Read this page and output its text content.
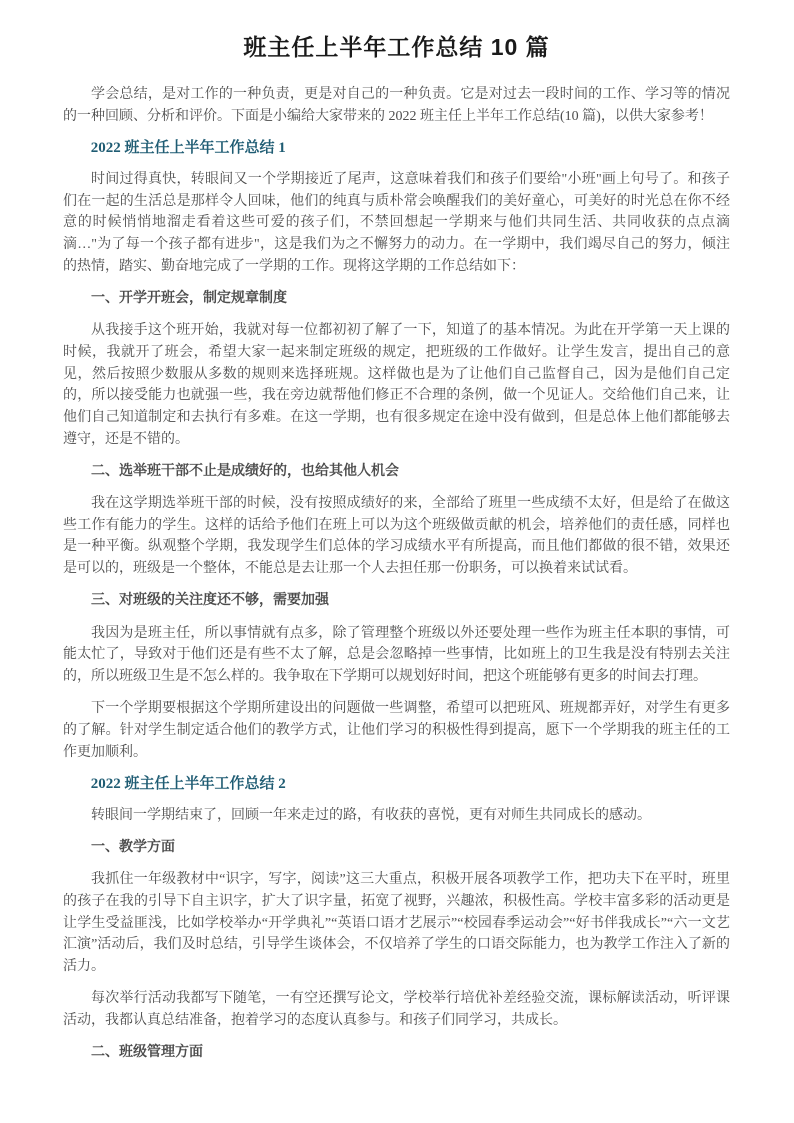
班主任上半年工作总结 10 篇

学会总结，是对工作的一种负责，更是对自己的一种负责。它是对过去一段时间的工作、学习等的情况的一种回顾、分析和评价。下面是小编给大家带来的 2022 班主任上半年工作总结(10 篇)，以供大家参考！

2022 班主任上半年工作总结 1

时间过得真快，转眼间又一个学期接近了尾声，这意味着我们和孩子们要给"小班"画上句号了。和孩子们在一起的生活总是那样令人回味，他们的纯真与质朴常会唤醒我们的美好童心，可美好的时光总在你不经意的时候悄悄地溜走看着这些可爱的孩子们，不禁回想起一学期来与他们共同生活、共同收获的点点滴滴…"为了每一个孩子都有进步"，这是我们为之不懈努力的动力。在一学期中，我们竭尽自己的努力，倾注的热情，踏实、勤奋地完成了一学期的工作。现将这学期的工作总结如下：

一、开学开班会，制定规章制度

从我接手这个班开始，我就对每一位都初初了解了一下，知道了的基本情况。为此在开学第一天上课的时候，我就开了班会，希望大家一起来制定班级的规定，把班级的工作做好。让学生发言，提出自己的意见，然后按照少数服从多数的规则来选择班规。这样做也是为了让他们自己监督自己，因为是他们自己定的，所以接受能力也就强一些，我在旁边就帮他们修正不合理的条例，做一个见证人。交给他们自己来，让他们自己知道制定和去执行有多难。在这一学期，也有很多规定在途中没有做到，但是总体上他们都能够去遵守，还是不错的。

二、选举班干部不止是成绩好的，也给其他人机会

我在这学期选举班干部的时候，没有按照成绩好的来，全部给了班里一些成绩不太好，但是给了在做这些工作有能力的学生。这样的话给予他们在班上可以为这个班级做贡献的机会，培养他们的责任感，同样也是一种平衡。纵观整个学期，我发现学生们总体的学习成绩水平有所提高，而且他们都做的很不错，效果还是可以的，班级是一个整体，不能总是去让那一个人去担任那一份职务，可以换着来试试看。

三、对班级的关注度还不够，需要加强

我因为是班主任，所以事情就有点多，除了管理整个班级以外还要处理一些作为班主任本职的事情，可能太忙了，导致对于他们还是有些不太了解，总是会忽略掉一些事情，比如班上的卫生我是没有特别去关注的，所以班级卫生是不怎么样的。我争取在下学期可以规划好时间，把这个班能够有更多的时间去打理。

下一个学期要根据这个学期所建设出的问题做一些调整，希望可以把班风、班规都弄好，对学生有更多的了解。针对学生制定适合他们的教学方式，让他们学习的积极性得到提高，愿下一个学期我的班主任的工作更加顺利。

2022 班主任上半年工作总结 2

转眼间一学期结束了，回顾一年来走过的路，有收获的喜悦，更有对师生共同成长的感动。

一、教学方面

我抓住一年级教材中“识字，写字，阅读”这三大重点，积极开展各项教学工作，把功夫下在平时，班里的孩子在我的引导下自主识字，扩大了识字量，拓宽了视野，兴趣浓，积极性高。学校丰富多彩的活动更是让学生受益匪浅，比如学校举办“开学典礼”“英语口语才艺展示”“校园春季运动会”“好书伴我成长”“六一文艺汇演”活动后，我们及时总结，引导学生谈体会，不仅培养了学生的口语交际能力，也为教学工作注入了新的活力。

每次举行活动我都写下随笔，一有空还撰写论文，学校举行培优补差经验交流，课标解读活动，听评课活动，我都认真总结准备，抱着学习的态度认真参与。和孩子们同学习，共成长。

二、班级管理方面
